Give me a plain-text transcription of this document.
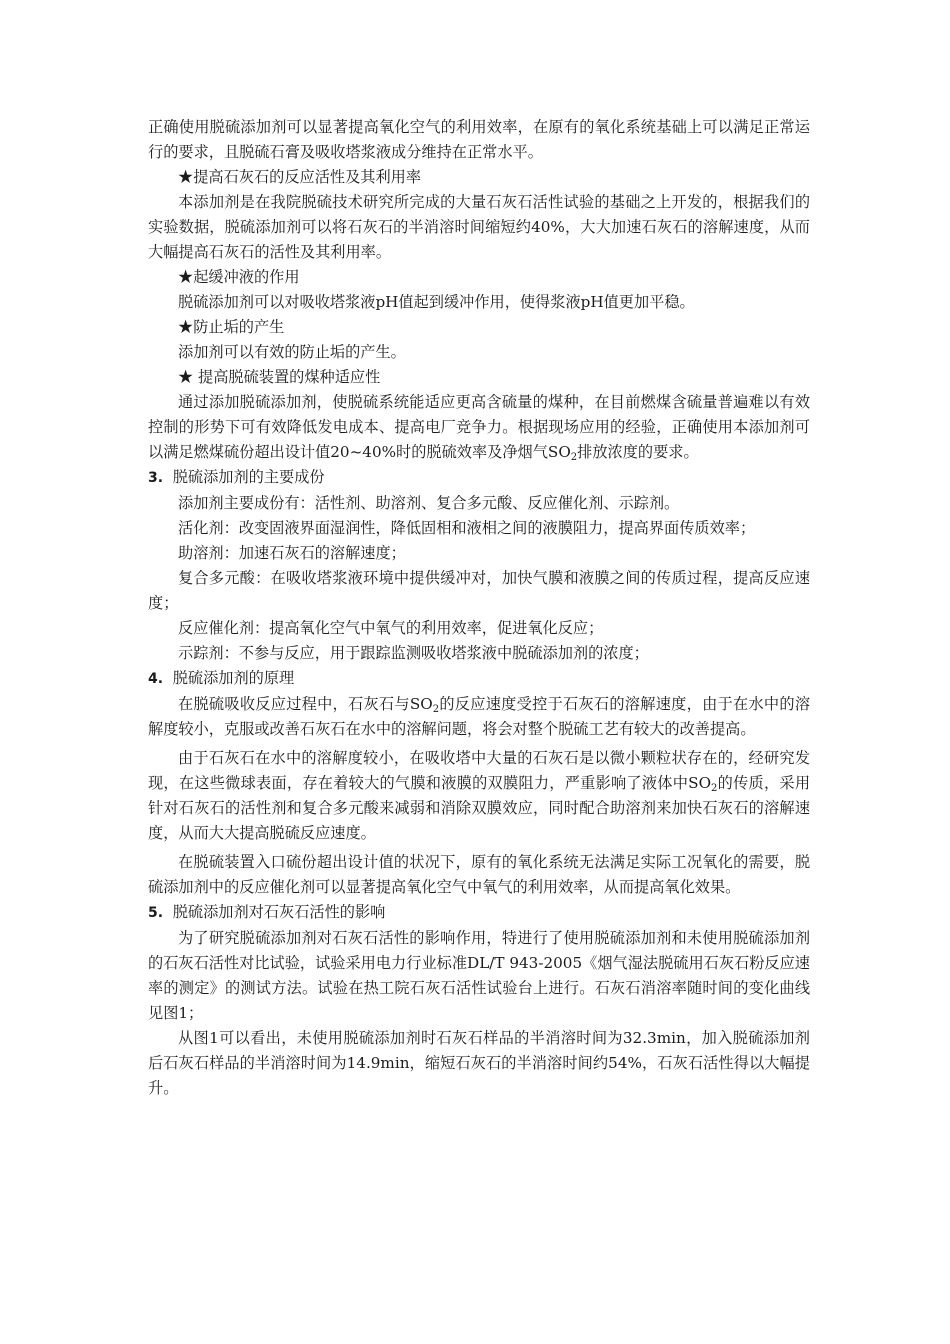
正确使用脱硫添加剂可以显著提高氧化空气的利用效率，在原有的氧化系统基础上可以满足正常运行的要求，且脱硫石膏及吸收塔浆液成分维持在正常水平。

★提高石灰石的反应活性及其利用率

本添加剂是在我院脱硫技术研究所完成的大量石灰石活性试验的基础之上开发的，根据我们的实验数据，脱硫添加剂可以将石灰石的半消溶时间缩短约40%，大大加速石灰石的溶解速度，从而大幅提高石灰石的活性及其利用率。

★起缓冲液的作用

脱硫添加剂可以对吸收塔浆液pH值起到缓冲作用，使得浆液pH值更加平稳。

★防止垢的产生

添加剂可以有效的防止垢的产生。

★ 提高脱硫装置的煤种适应性

通过添加脱硫添加剂，使脱硫系统能适应更高含硫量的煤种，在目前燃煤含硫量普遍难以有效控制的形势下可有效降低发电成本、提高电厂竞争力。根据现场应用的经验，正确使用本添加剂可以满足燃煤硫份超出设计值20~40%时的脱硫效率及净烟气$SO_2$排放浓度的要求。

3. 脱硫添加剂的主要成份

添加剂主要成份有：活性剂、助溶剂、复合多元酸、反应催化剂、示踪剂。

活化剂：改变固液界面湿润性，降低固相和液相之间的液膜阻力，提高界面传质效率；

助溶剂：加速石灰石的溶解速度；

复合多元酸：在吸收塔浆液环境中提供缓冲对，加快气膜和液膜之间的传质过程，提高反应速度；

反应催化剂：提高氧化空气中氧气的利用效率，促进氧化反应；

示踪剂：不参与反应，用于跟踪监测吸收塔浆液中脱硫添加剂的浓度；

4. 脱硫添加剂的原理

在脱硫吸收反应过程中，石灰石与$SO_2$的反应速度受控于石灰石的溶解速度，由于在水中的溶解度较小，克服或改善石灰石在水中的溶解问题，将会对整个脱硫工艺有较大的改善提高。

由于石灰石在水中的溶解度较小，在吸收塔中大量的石灰石是以微小颗粒状存在的，经研究发现，在这些微球表面，存在着较大的气膜和液膜的双膜阻力，严重影响了液体中$SO_2$的传质，采用针对石灰石的活性剂和复合多元酸来减弱和消除双膜效应，同时配合助溶剂来加快石灰石的溶解速度，从而大大提高脱硫反应速度。

在脱硫装置入口硫份超出设计值的状况下，原有的氧化系统无法满足实际工况氧化的需要，脱硫添加剂中的反应催化剂可以显著提高氧化空气中氧气的利用效率，从而提高氧化效果。

5. 脱硫添加剂对石灰石活性的影响

为了研究脱硫添加剂对石灰石活性的影响作用，特进行了使用脱硫添加剂和未使用脱硫添加剂的石灰石活性对比试验，试验采用电力行业标准DL/T 943-2005《烟气湿法脱硫用石灰石粉反应速率的测定》的测试方法。试验在热工院石灰石活性试验台上进行。石灰石消溶率随时间的变化曲线见图1；

从图1可以看出，未使用脱硫添加剂时石灰石样品的半消溶时间为32.3min，加入脱硫添加剂后石灰石样品的半消溶时间为14.9min，缩短石灰石的半消溶时间约54%，石灰石活性得以大幅提升。
